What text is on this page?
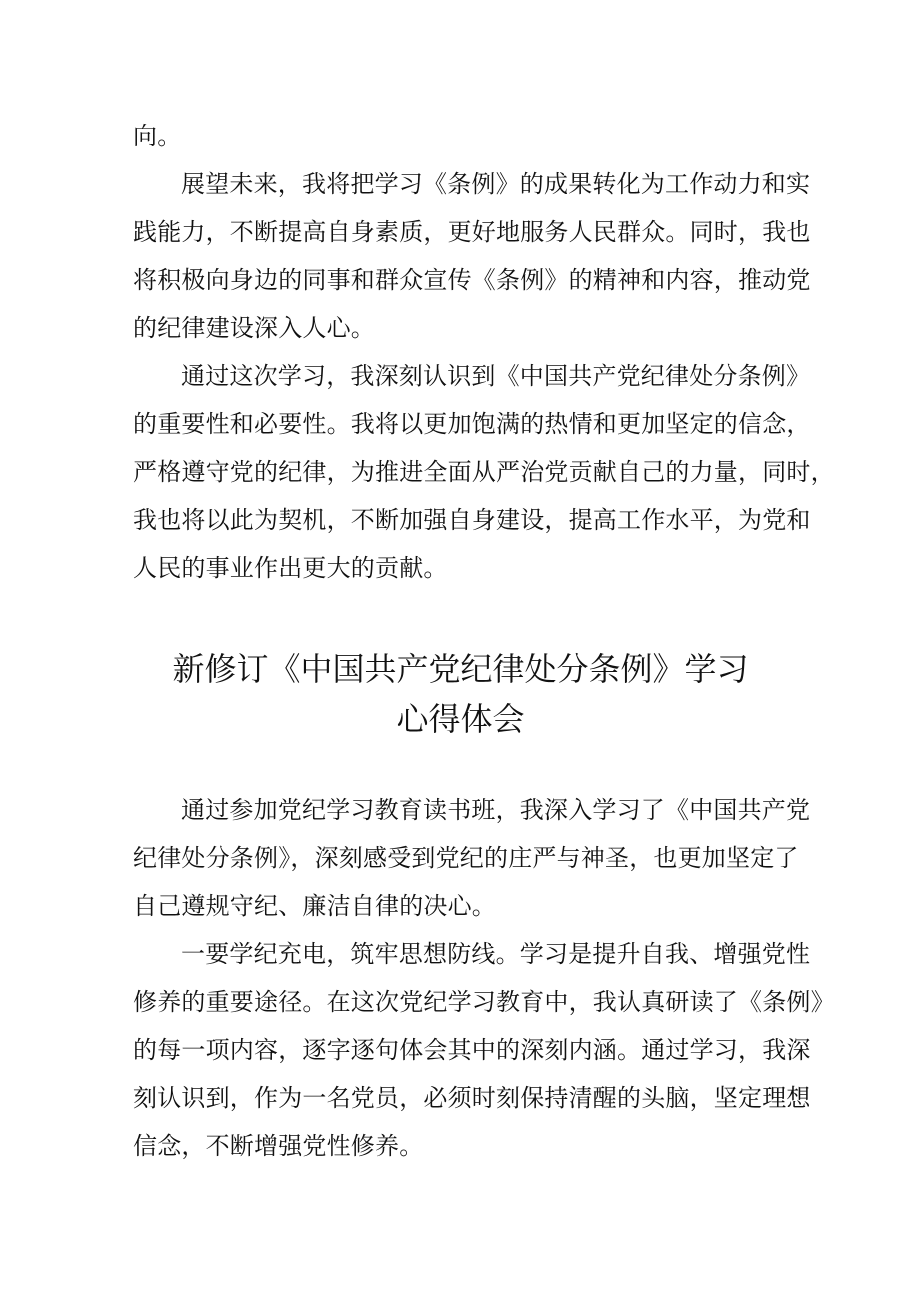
向。
展望未来，我将把学习《条例》的成果转化为工作动力和实
践能力，不断提高自身素质，更好地服务人民群众。同时，我也
将积极向身边的同事和群众宣传《条例》的精神和内容，推动党
的纪律建设深入人心。
通过这次学习，我深刻认识到《中国共产党纪律处分条例》
的重要性和必要性。我将以更加饱满的热情和更加坚定的信念，
严格遵守党的纪律，为推进全面从严治党贡献自己的力量，同时，
我也将以此为契机，不断加强自身建设，提高工作水平，为党和
人民的事业作出更大的贡献。
新修订《中国共产党纪律处分条例》学习
心得体会
通过参加党纪学习教育读书班，我深入学习了《中国共产党
纪律处分条例》，深刻感受到党纪的庄严与神圣，也更加坚定了
自己遵规守纪、廉洁自律的决心。
一要学纪充电，筑牢思想防线。学习是提升自我、增强党性
修养的重要途径。在这次党纪学习教育中，我认真研读了《条例》
的每一项内容，逐字逐句体会其中的深刻内涵。通过学习，我深
刻认识到，作为一名党员，必须时刻保持清醒的头脑，坚定理想
信念，不断增强党性修养。
